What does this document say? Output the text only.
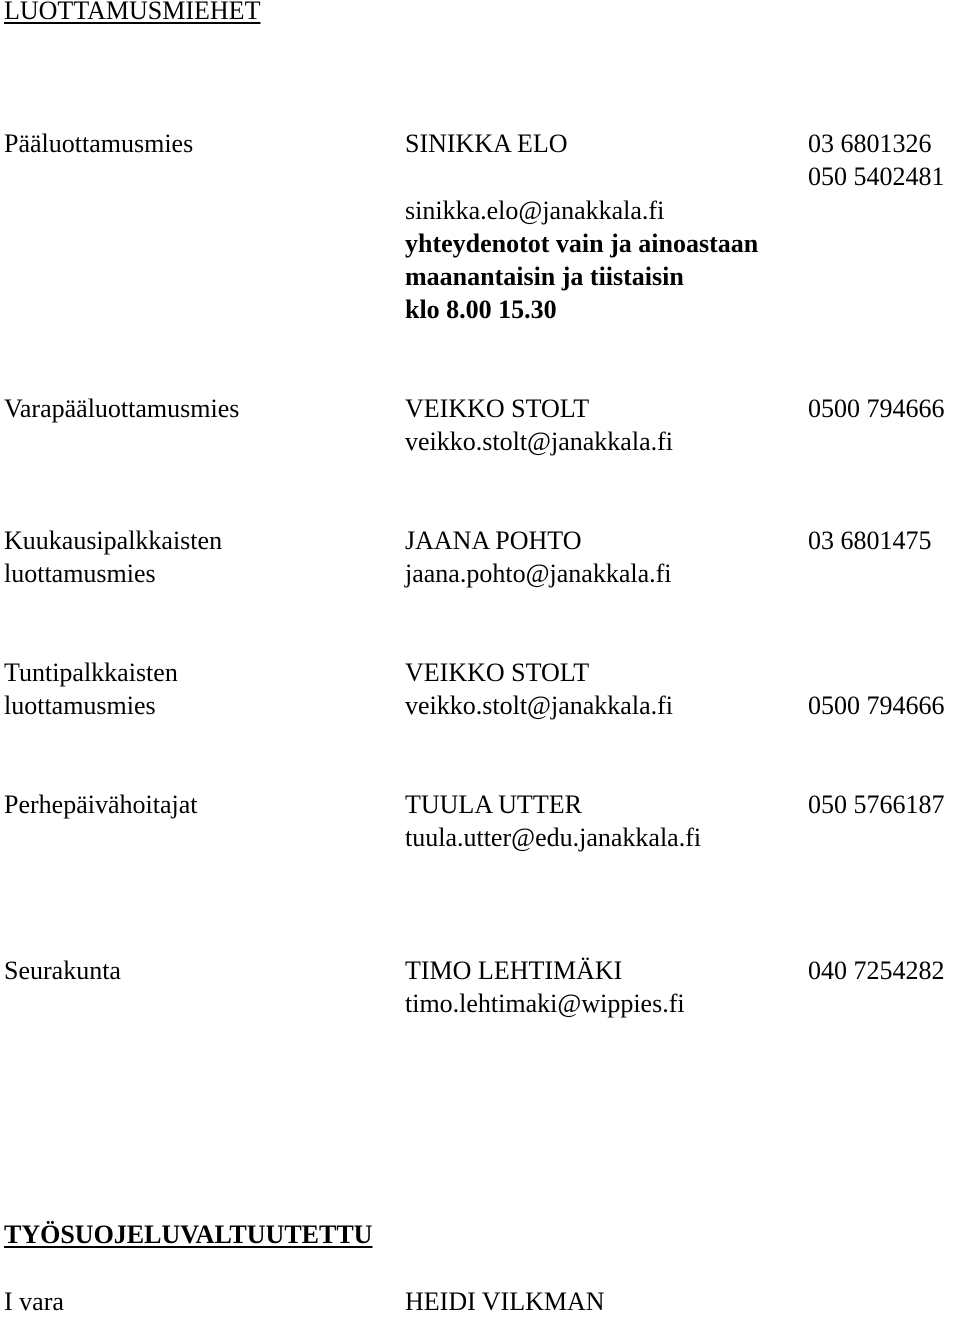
LUOTTAMUSMIEHET
Pääluottamusmies	SINIKKA ELO	03 6801326
050 5402481
sinikka.elo@janakkala.fi
yhteydenotot vain ja ainoastaan
maanantaisin ja tiistaisin
klo 8.00 15.30
Varapääluottamusmies	VEIKKO STOLT	0500 794666
veikko.stolt@janakkala.fi
Kuukausipalkkaisten
luottamusmies
JAANA POHTO	03 6801475
jaana.pohto@janakkala.fi
Tuntipalkkaisten
luottamusmies
VEIKKO STOLT
veikko.stolt@janakkala.fi	0500 794666
Perhepäivähoitajat	TUULA UTTER	050 5766187
tuula.utter@edu.janakkala.fi
Seurakunta	TIMO LEHTIMÄKI	040 7254282
timo.lehtimaki@wippies.fi
TYÖSUOJELUVALTUUTETTU
I vara	HEIDI VILKMAN
